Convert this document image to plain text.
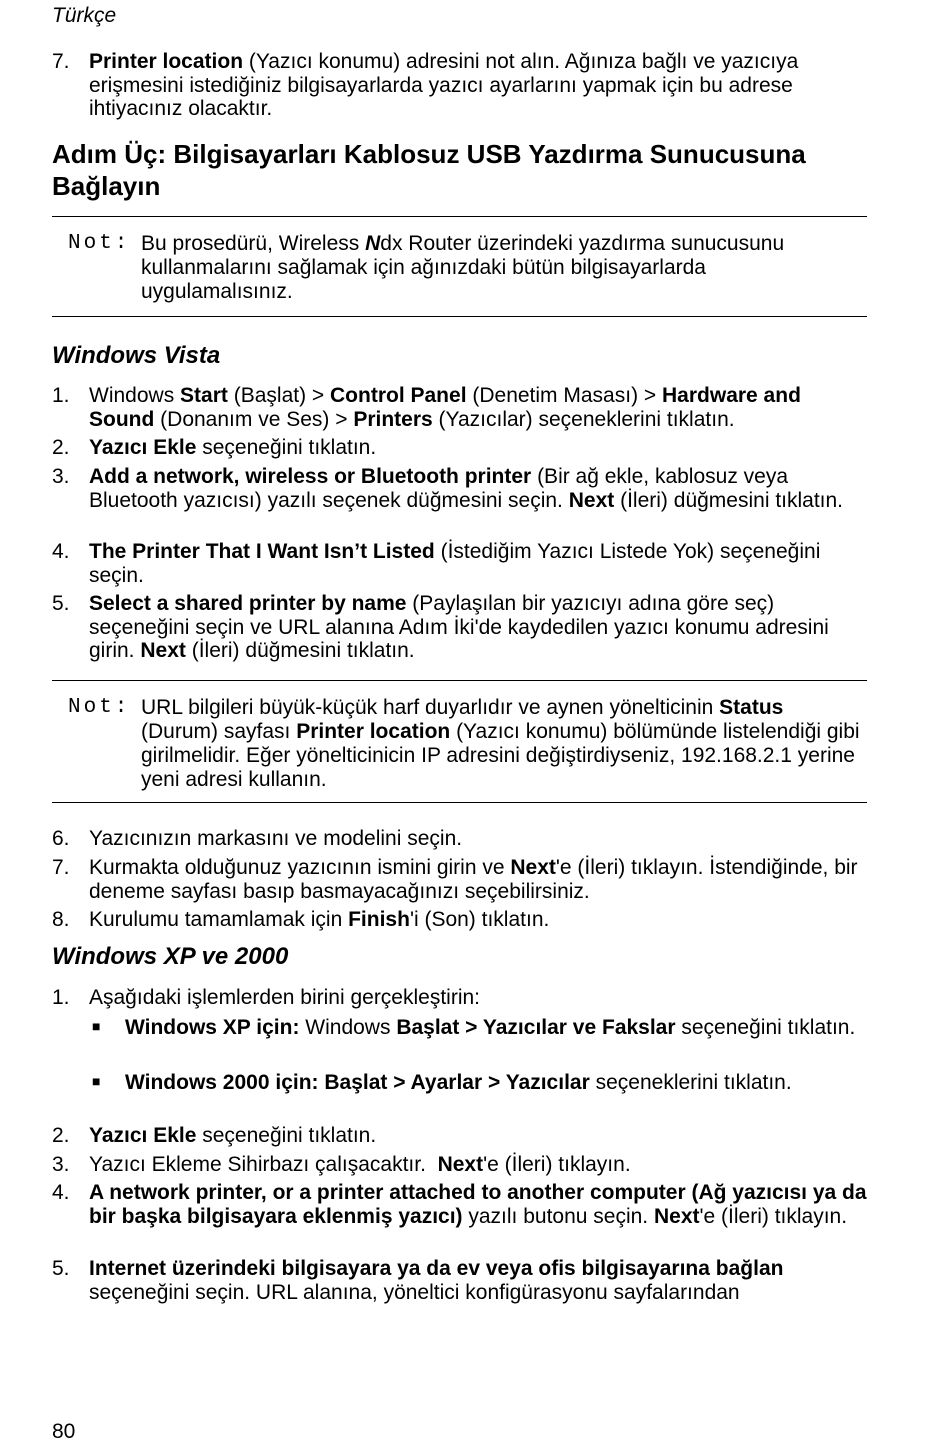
Türkçe
7. Printer location (Yazıcı konumu) adresini not alın. Ağınıza bağlı ve yazıcıya erişmesini istediğiniz bilgisayarlarda yazıcı ayarlarını yapmak için bu adrese ihtiyacınız olacaktır.
Adım Üç: Bilgisayarları Kablosuz USB Yazdırma Sunucusuna Bağlayın
Not: Bu prosedürü, Wireless Ndx Router üzerindeki yazdırma sunucusunu kullanmalarını sağlamak için ağınızdaki bütün bilgisayarlarda uygulamalısınız.
Windows Vista
1. Windows Start (Başlat) > Control Panel (Denetim Masası) > Hardware and Sound (Donanım ve Ses) > Printers (Yazıcılar) seçeneklerini tıklatın.
2. Yazıcı Ekle seçeneğini tıklatın.
3. Add a network, wireless or Bluetooth printer (Bir ağ ekle, kablosuz veya Bluetooth yazıcısı) yazılı seçenek düğmesini seçin. Next (İleri) düğmesini tıklatın.
4. The Printer That I Want Isn’t Listed (İstediğim Yazıcı Listede Yok) seçeneğini seçin.
5. Select a shared printer by name (Paylaşılan bir yazıcıyı adına göre seç) seçeneğini seçin ve URL alanına Adım İki'de kaydedilen yazıcı konumu adresini girin. Next (İleri) düğmesini tıklatın.
Not: URL bilgileri büyük-küçük harf duyarlıdır ve aynen yönelticinin Status (Durum) sayfası Printer location (Yazıcı konumu) bölümünde listelendiği gibi girilmelidir. Eğer yönelticinicin IP adresini değiştirdiyseniz, 192.168.2.1 yerine yeni adresi kullanın.
6. Yazıcınızın markasını ve modelini seçin.
7. Kurmakta olduğunuz yazıcının ismini girin ve Next'e (İleri) tıklayın. İstendiğinde, bir deneme sayfası basıp basmayacağınızı seçebilirsiniz.
8. Kurulumu tamamlamak için Finish'i (Son) tıklatın.
Windows XP ve 2000
1. Aşağıdaki işlemlerden birini gerçekleştirin:
■ Windows XP için: Windows Başlat > Yazıcılar ve Fakslar seçeneğini tıklatın.
■ Windows 2000 için: Başlat > Ayarlar > Yazıcılar seçeneklerini tıklatın.
2. Yazıcı Ekle seçeneğini tıklatın.
3. Yazıcı Ekleme Sihirbazı çalışacaktır.  Next'e (İleri) tıklayın.
4. A network printer, or a printer attached to another computer (Ağ yazıcısı ya da bir başka bilgisayara eklenmiş yazıcı) yazılı butonu seçin. Next'e (İleri) tıklayın.
5. Internet üzerindeki bilgisayara ya da ev veya ofis bilgisayarına bağlan seçeneğini seçin. URL alanına, yöneltici konfigürasyonu sayfalarından
80
